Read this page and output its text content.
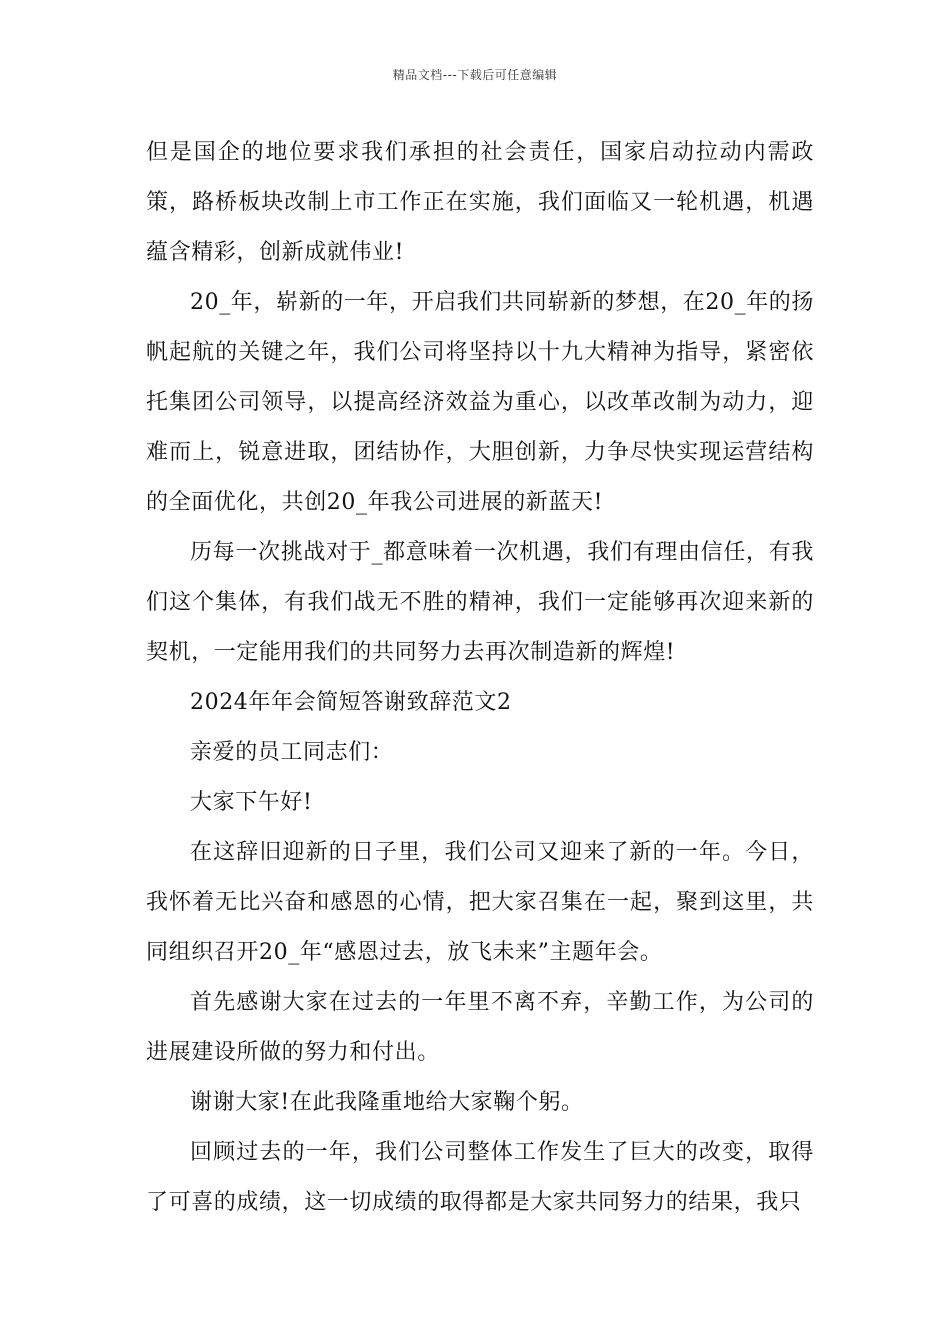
精品文档---下载后可任意编辑

但是国企的地位要求我们承担的社会责任，国家启动拉动内需政策，路桥板块改制上市工作正在实施，我们面临又一轮机遇，机遇蕴含精彩，创新成就伟业!

20_年，崭新的一年，开启我们共同崭新的梦想，在20_年的扬帆起航的关键之年，我们公司将坚持以十九大精神为指导，紧密依托集团公司领导，以提高经济效益为重心，以改革改制为动力，迎难而上，锐意进取，团结协作，大胆创新，力争尽快实现运营结构的全面优化，共创20_年我公司进展的新蓝天!

历每一次挑战对于_都意味着一次机遇，我们有理由信任，有我们这个集体，有我们战无不胜的精神，我们一定能够再次迎来新的契机，一定能用我们的共同努力去再次制造新的辉煌!

2024年年会简短答谢致辞范文2

亲爱的员工同志们：

大家下午好!

在这辞旧迎新的日子里，我们公司又迎来了新的一年。今日，我怀着无比兴奋和感恩的心情，把大家召集在一起，聚到这里，共同组织召开20_年“感恩过去，放飞未来”主题年会。

首先感谢大家在过去的一年里不离不弃，辛勤工作，为公司的进展建设所做的努力和付出。

谢谢大家!在此我隆重地给大家鞠个躬。

回顾过去的一年，我们公司整体工作发生了巨大的改变，取得了可喜的成绩，这一切成绩的取得都是大家共同努力的结果，我只
